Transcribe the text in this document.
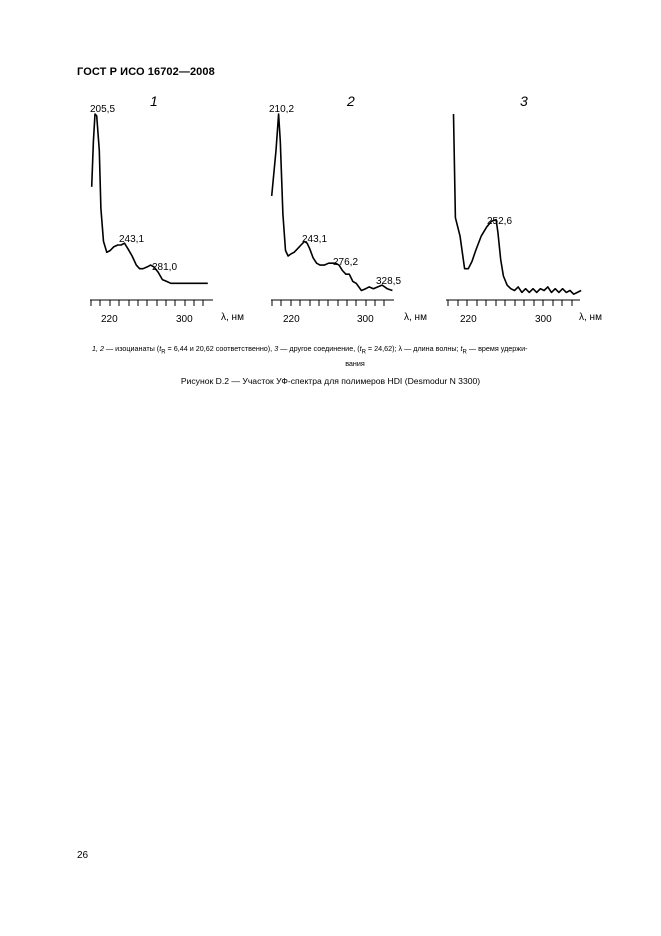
ГОСТ Р ИСО 16702—2008
1
220	300	λ, нм
205,5
243,1
281,0
2
220	300	λ, нм
210,2
243,1
276,2
328,5
3
220	300	λ, нм
252,6
1, 2 — изоцианаты ($t_R = 6,44$ и 20,62 соответственно), 3 — другое соединение, $(t_R = 24,62)$; λ — длина волны; $t_R$ — время удержи-
вания
Рисунок D.2 — Участок УФ-спектра для полимеров HDI (Desmodur N 3300)
26
